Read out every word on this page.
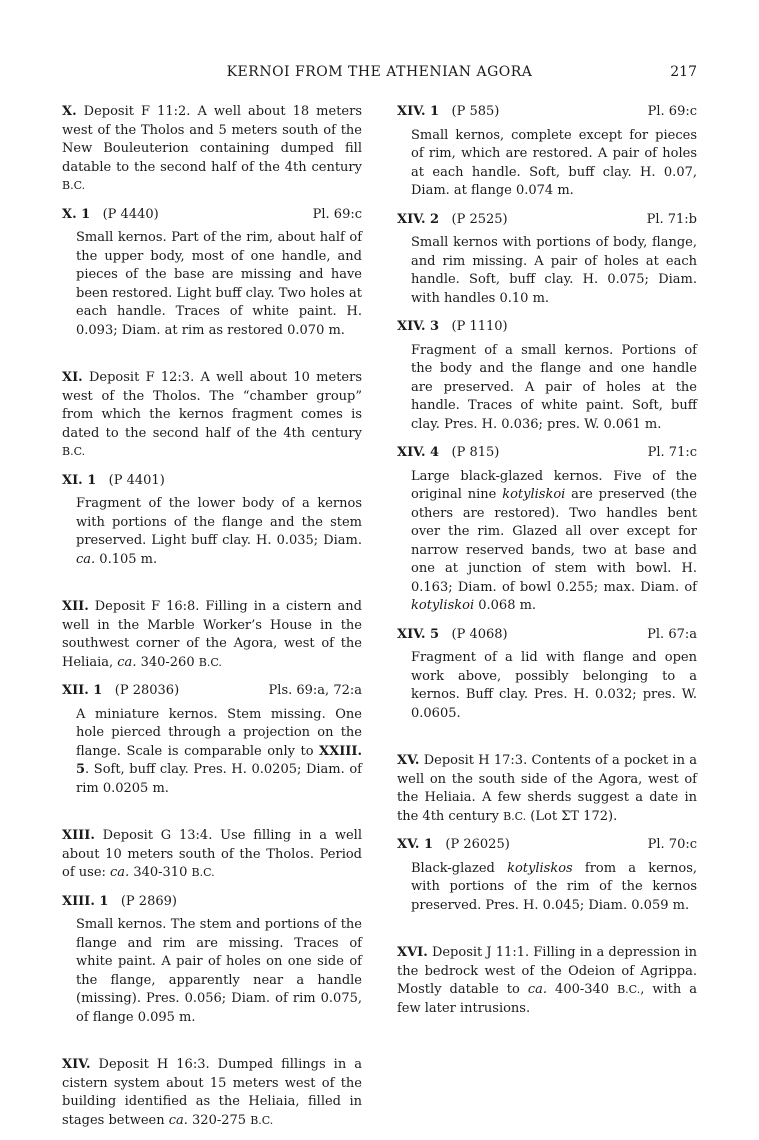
KERNOI FROM THE ATHENIAN AGORA	217

X. Deposit F 11:2. A well about 18 meters west of the Tholos and 5 meters south of the New Bouleuterion containing dumped fill datable to the second half of the 4th century B.C.

X. 1 (P 4440)	Pl. 69:c
Small kernos. Part of the rim, about half of the upper body, most of one handle, and pieces of the base are missing and have been restored. Light buff clay. Two holes at each handle. Traces of white paint. H. 0.093; Diam. at rim as restored 0.070 m.

XI. Deposit F 12:3. A well about 10 meters west of the Tholos. The “chamber group” from which the kernos fragment comes is dated to the second half of the 4th century B.C.

XI. 1 (P 4401)
Fragment of the lower body of a kernos with portions of the flange and the stem preserved. Light buff clay. H. 0.035; Diam. ca. 0.105 m.

XII. Deposit F 16:8. Filling in a cistern and well in the Marble Worker’s House in the southwest corner of the Agora, west of the Heliaia, ca. 340-260 B.C.

XII. 1 (P 28036)	Pls. 69:a, 72:a
A miniature kernos. Stem missing. One hole pierced through a projection on the flange. Scale is comparable only to XXIII. 5. Soft, buff clay. Pres. H. 0.0205; Diam. of rim 0.0205 m.

XIII. Deposit G 13:4. Use filling in a well about 10 meters south of the Tholos. Period of use: ca. 340-310 B.C.

XIII. 1 (P 2869)
Small kernos. The stem and portions of the flange and rim are missing. Traces of white paint. A pair of holes on one side of the flange, apparently near a handle (missing). Pres. 0.056; Diam. of rim 0.075, of flange 0.095 m.

XIV. Deposit H 16:3. Dumped fillings in a cistern system about 15 meters west of the building identified as the Heliaia, filled in stages between ca. 320-275 B.C.

XIV. 1 (P 585)	Pl. 69:c
Small kernos, complete except for pieces of rim, which are restored. A pair of holes at each handle. Soft, buff clay. H. 0.07, Diam. at flange 0.074 m.
XIV. 2 (P 2525)	Pl. 71:b
Small kernos with portions of body, flange, and rim missing. A pair of holes at each handle. Soft, buff clay. H. 0.075; Diam. with handles 0.10 m.
XIV. 3 (P 1110)
Fragment of a small kernos. Portions of the body and the flange and one handle are preserved. A pair of holes at the handle. Traces of white paint. Soft, buff clay. Pres. H. 0.036; pres. W. 0.061 m.
XIV. 4 (P 815)	Pl. 71:c
Large black-glazed kernos. Five of the original nine kotyliskoi are preserved (the others are restored). Two handles bent over the rim. Glazed all over except for narrow reserved bands, two at base and one at junction of stem with bowl. H. 0.163; Diam. of bowl 0.255; max. Diam. of kotyliskoi 0.068 m.
XIV. 5 (P 4068)	Pl. 67:a
Fragment of a lid with flange and open work above, possibly belonging to a kernos. Buff clay. Pres. H. 0.032; pres. W. 0.0605.

XV. Deposit H 17:3. Contents of a pocket in a well on the south side of the Agora, west of the Heliaia. A few sherds suggest a date in the 4th century B.C. (Lot ΣT 172).

XV. 1 (P 26025)	Pl. 70:c
Black-glazed kotyliskos from a kernos, with portions of the rim of the kernos preserved. Pres. H. 0.045; Diam. 0.059 m.

XVI. Deposit J 11:1. Filling in a depression in the bedrock west of the Odeion of Agrippa. Mostly datable to ca. 400-340 B.C., with a few later intrusions.
